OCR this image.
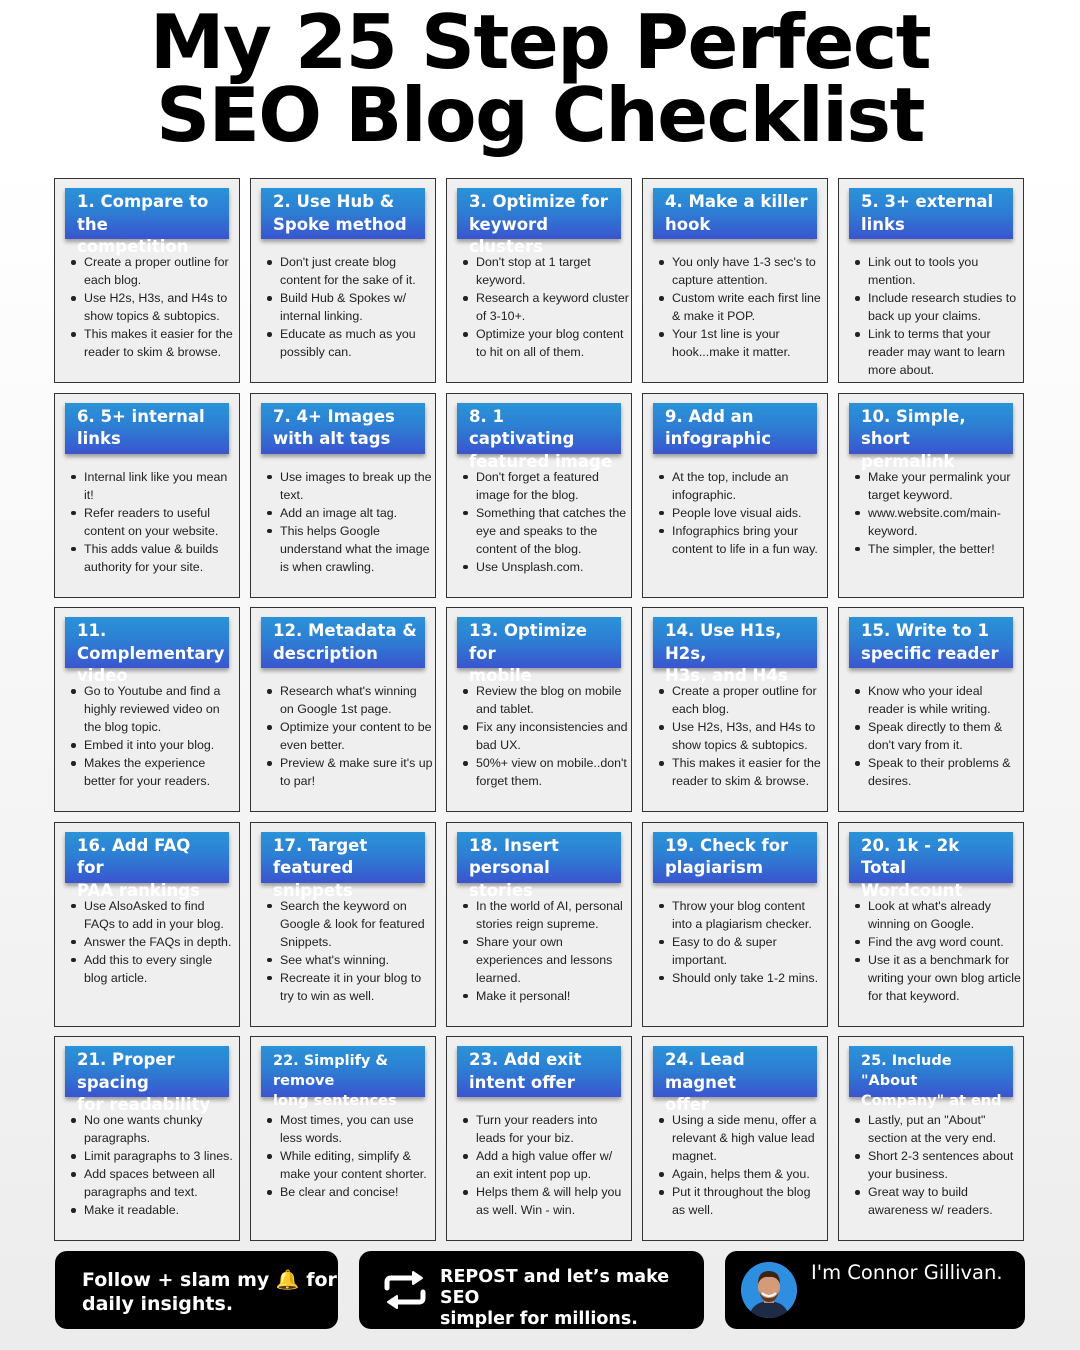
My 25 Step Perfect
SEO Blog Checklist
1. Compare to
the competition
Create a proper outline for each blog.
Use H2s, H3s, and H4s to show topics & subtopics.
This makes it easier for the reader to skim & browse.
2. Use Hub &
Spoke method
Don't just create blog content for the sake of it.
Build Hub & Spokes w/ internal linking.
Educate as much as you possibly can.
3. Optimize for
keyword clusters
Don't stop at 1 target keyword.
Research a keyword cluster of 3-10+.
Optimize your blog content to hit on all of them.
4. Make a killer
hook
You only have 1-3 sec's to capture attention.
Custom write each first line & make it POP.
Your 1st line is your hook...make it matter.
5. 3+ external
links
Link out to tools you mention.
Include research studies to back up your claims.
Link to terms that your reader may want to learn more about.
6. 5+ internal
links
Internal link like you mean it!
Refer readers to useful content on your website.
This adds value & builds authority for your site.
7. 4+ Images
with alt tags
Use images to break up the text.
Add an image alt tag.
This helps Google understand what the image is when crawling.
8. 1 captivating
featured image
Don't forget a featured image for the blog.
Something that catches the eye and speaks to the content of the blog.
Use Unsplash.com.
9. Add an
infographic
At the top, include an infographic.
People love visual aids.
Infographics bring your content to life in a fun way.
10. Simple, short
permalink
Make your permalink your target keyword.
www.website.com/main-keyword.
The simpler, the better!
11. Complementary
video
Go to Youtube and find a highly reviewed video on the blog topic.
Embed it into your blog.
Makes the experience better for your readers.
12. Metadata &
description
Research what's winning on Google 1st page.
Optimize your content to be even better.
Preview & make sure it's up to par!
13. Optimize for
mobile
Review the blog on mobile and tablet.
Fix any inconsistencies and bad UX.
50%+ view on mobile..don't forget them.
14. Use H1s, H2s,
H3s, and H4s
Create a proper outline for each blog.
Use H2s, H3s, and H4s to show topics & subtopics.
This makes it easier for the reader to skim & browse.
15. Write to 1
specific reader
Know who your ideal reader is while writing.
Speak directly to them & don't vary from it.
Speak to their problems & desires.
16. Add FAQ for
PAA rankings
Use AlsoAsked to find FAQs to add in your blog.
Answer the FAQs in depth.
Add this to every single blog article.
17. Target
featured snippets
Search the keyword on Google & look for featured Snippets.
See what's winning.
Recreate it in your blog to try to win as well.
18. Insert personal
stories
In the world of AI, personal stories reign supreme.
Share your own experiences and lessons learned.
Make it personal!
19. Check for
plagiarism
Throw your blog content into a plagiarism checker.
Easy to do & super important.
Should only take 1-2 mins.
20. 1k - 2k Total
Wordcount
Look at what's already winning on Google.
Find the avg word count.
Use it as a benchmark for writing your own blog article for that keyword.
21. Proper spacing
for readability
No one wants chunky paragraphs.
Limit paragraphs to 3 lines.
Add spaces between all paragraphs and text.
Make it readable.
22. Simplify & remove
long sentences
Most times, you can use less words.
While editing, simplify & make your content shorter.
Be clear and concise!
23. Add exit
intent offer
Turn your readers into leads for your biz.
Add a high value offer w/ an exit intent pop up.
Helps them & will help you as well. Win - win.
24. Lead magnet
offer
Using a side menu, offer a relevant & high value lead magnet.
Again, helps them & you.
Put it throughout the blog as well.
25. Include "About
Company" at end
Lastly, put an "About" section at the very end.
Short 2-3 sentences about your business.
Great way to build awareness w/ readers.
Follow + slam my 🔔 for
daily insights.
REPOST and let’s make SEO
simpler for millions.
I'm Connor Gillivan.
